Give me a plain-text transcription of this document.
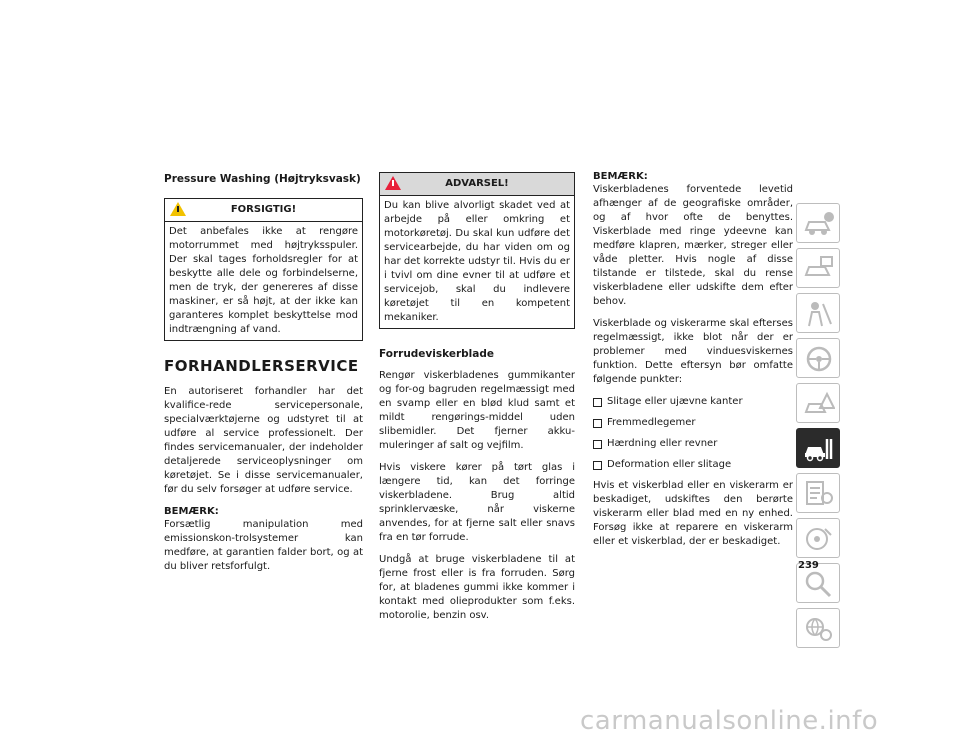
Pressure Washing (Højtryksvask)
FORSIGTIG!
Det anbefales ikke at rengøre motorrummet med højtryksspuler. Der skal tages forholdsregler for at beskytte alle dele og forbindelserne, men de tryk, der genereres af disse maskiner, er så højt, at der ikke kan garanteres komplet beskyttelse mod indtrængning af vand.
FORHANDLERSERVICE

En autoriseret forhandler har det kvalifice-rede servicepersonale, specialværktøjerne og udstyret til at udføre al service professionelt. Der findes servicemanualer, der indeholder detaljerede serviceoplysninger om køretøjet. Se i disse servicemanualer, før du selv forsøger at udføre service.

BEMÆRK:

Forsætlig manipulation med emissionskon-trolsystemer kan medføre, at garantien falder bort, og at du bliver retsforfulgt.

ADVARSEL!
Du kan blive alvorligt skadet ved at arbejde på eller omkring et motorkøretøj. Du skal kun udføre det servicearbejde, du har viden om og har det korrekte udstyr til. Hvis du er i tvivl om dine evner til at udføre et servicejob, skal du indlevere køretøjet til en kompetent mekaniker.
Forrudeviskerblade

Rengør viskerbladenes gummikanter og for-og bagruden regelmæssigt med en svamp eller en blød klud samt et mildt rengørings-middel uden slibemidler. Det fjerner akku-muleringer af salt og vejfilm.

Hvis viskere kører på tørt glas i længere tid, kan det forringe viskerbladene. Brug altid sprinklervæske, når viskerne anvendes, for at fjerne salt eller snavs fra en tør forrude.

Undgå at bruge viskerbladene til at fjerne frost eller is fra forruden. Sørg for, at bladenes gummi ikke kommer i kontakt med olieprodukter som f.eks. motorolie, benzin osv.

BEMÆRK:

Viskerbladenes forventede levetid afhænger af de geografiske områder, og af hvor ofte de benyttes. Viskerblade med ringe ydeevne kan medføre klapren, mærker, streger eller våde pletter. Hvis nogle af disse tilstande er tilstede, skal du rense viskerbladene eller udskifte dem efter behov.

Viskerblade og viskerarme skal efterses regelmæssigt, ikke blot når der er problemer med vinduesviskernes funktion. Dette eftersyn bør omfatte følgende punkter:

Slitage eller ujævne kanter
Fremmedlegemer
Hærdning eller revner
Deformation eller slitage

Hvis et viskerblad eller en viskerarm er beskadiget, udskiftes den berørte viskerarm eller blad med en ny enhed. Forsøg ikke at reparere en viskerarm eller et viskerblad, der er beskadiget.

239
carmanualsonline.info
